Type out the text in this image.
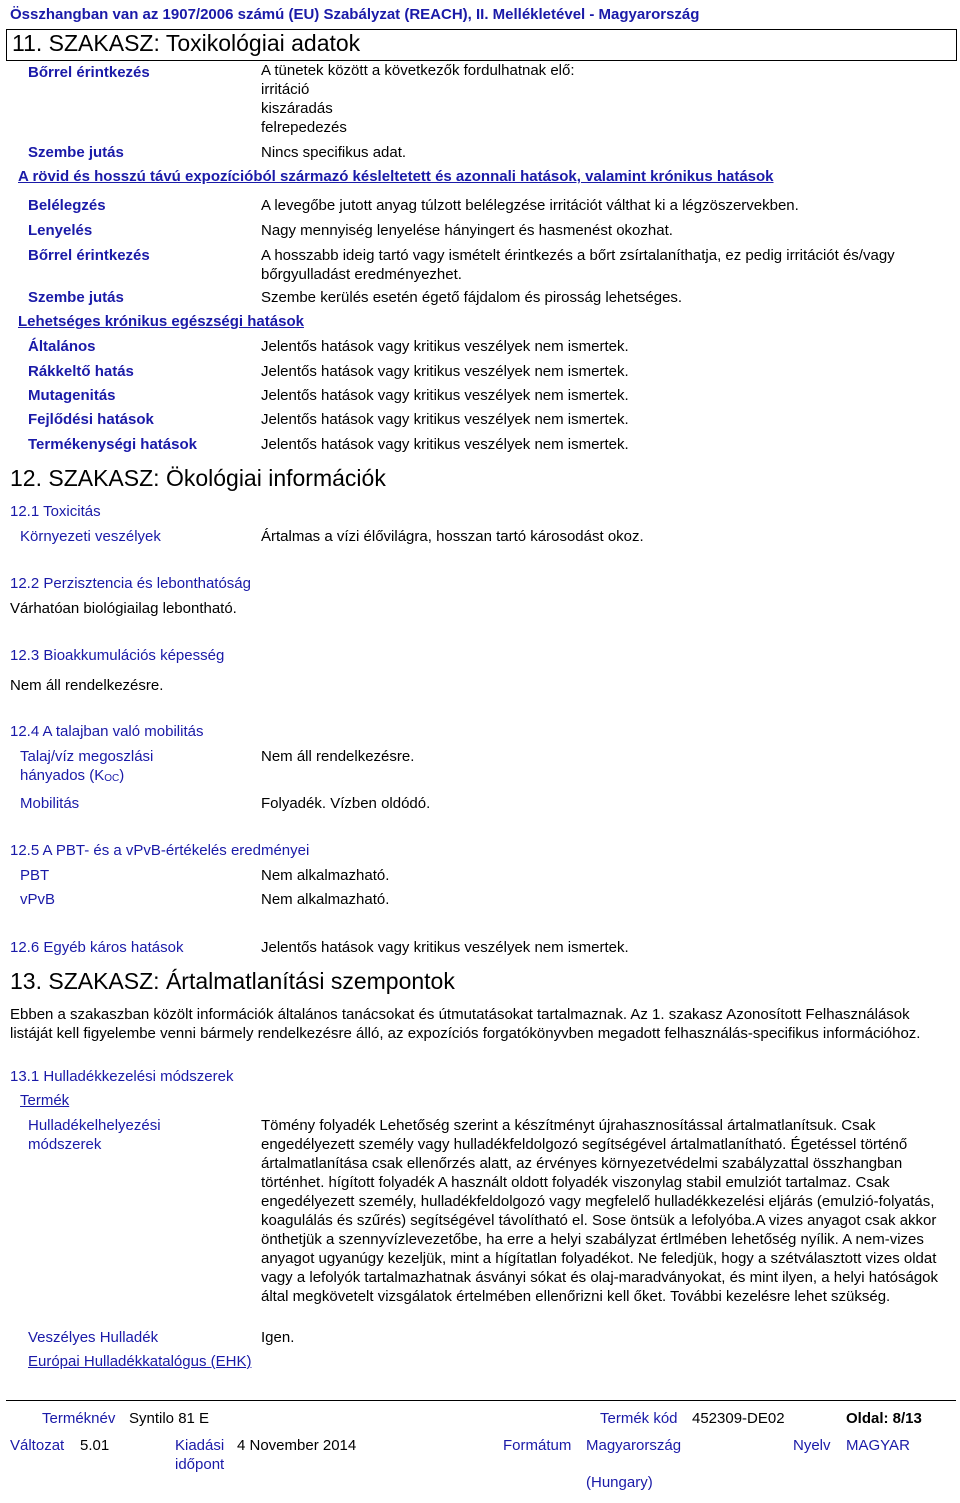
Összhangban van az 1907/2006 számú (EU) Szabályzat (REACH), II. Mellékletével - Magyarország
11. SZAKASZ: Toxikológiai adatok
Bőrrel érintkezés	A tünetek között a következők fordulhatnak elő:
irritáció
kiszáradás
felrepedezés
Szembe jutás	Nincs specifikus adat.
A rövid és hosszú távú expozícióból származó késleltetett és azonnali hatások, valamint krónikus hatások
Belélegzés	A levegőbe jutott anyag túlzott belélegzése irritációt válthat ki a légzöszervekben.
Lenyelés	Nagy mennyiség lenyelése hányingert és hasmenést okozhat.
Bőrrel érintkezés	A hosszabb ideig tartó vagy ismételt érintkezés a bőrt zsírtalaníthatja, ez pedig irritációt és/vagy bőrgyulladást eredményezhet.
Szembe jutás	Szembe kerülés esetén égető fájdalom és pirosság lehetséges.
Lehetséges krónikus egészségi hatások
Általános	Jelentős hatások vagy kritikus veszélyek nem ismertek.
Rákkeltő hatás	Jelentős hatások vagy kritikus veszélyek nem ismertek.
Mutagenitás	Jelentős hatások vagy kritikus veszélyek nem ismertek.
Fejlődési hatások	Jelentős hatások vagy kritikus veszélyek nem ismertek.
Termékenységi hatások	Jelentős hatások vagy kritikus veszélyek nem ismertek.
12. SZAKASZ: Ökológiai információk
12.1 Toxicitás
Környezeti veszélyek	Ártalmas a vízi élővilágra, hosszan tartó károsodást okoz.
12.2 Perzisztencia és lebonthatóság
Várhatóan biológiailag lebontható.
12.3 Bioakkumulációs képesség
Nem áll rendelkezésre.
12.4 A talajban való mobilitás
Talaj/víz megoszlási
hányados $(K_{OC})$
Nem áll rendelkezésre.
Mobilitás	Folyadék. Vízben oldódó.
12.5 A PBT- és a vPvB-értékelés eredményei
PBT	Nem alkalmazható.
vPvB	Nem alkalmazható.
12.6 Egyéb káros hatások	Jelentős hatások vagy kritikus veszélyek nem ismertek.
13. SZAKASZ: Ártalmatlanítási szempontok
Ebben a szakaszban közölt információk általános tanácsokat és útmutatásokat tartalmaznak. Az 1. szakasz Azonosított Felhasználások listáját kell figyelembe venni bármely rendelkezésre álló, az expozíciós forgatókönyvben megadott felhasználás-specifikus információhoz.
13.1 Hulladékkezelési módszerek
Termék
Hulladékelhelyezési módszerek
Tömény folyadék Lehetőség szerint a készítményt újrahasznosítással ártalmatlanítsuk. Csak engedélyezett személy vagy hulladékfeldolgozó segítségével ártalmatlanítható. Égetéssel történő ártalmatlanítása csak ellenőrzés alatt, az érvényes környezetvédelmi szabályzattal összhangban történhet. hígított folyadék A használt oldott folyadék viszonylag stabil emulziót tartalmaz. Csak engedélyezett személy, hulladékfeldolgozó vagy megfelelő hulladékkezelési eljárás (emulzió-folyatás, koagulálás és szűrés) segítségével távolítható el. Sose öntsük a lefolyóba.A vizes anyagot csak akkor önthetjük a szennyvízlevezetőbe, ha erre a helyi szabályzat értlmében lehetőség nyílik. A nem-vizes anyagot ugyanúgy kezeljük, mint a hígítatlan folyadékot. Ne feledjük, hogy a szétválasztott vizes oldat vagy a lefolyók tartalmazhatnak ásványi sókat és olaj-maradványokat, és mint ilyen, a helyi hatóságok által megkövetelt vizsgálatok értelmében ellenőrizni kell őket. További kezelésre lehet szükség.
Veszélyes Hulladék	Igen.
Európai Hulladékkatalógus (EHK)
Terméknév Syntilo 81 E	Termék kód 452309-DE02	Oldal: 8/13
Változat 5.01	Kiadási
időpont
4 November 2014	Formátum Magyarország
(Hungary)
Nyelv MAGYAR
